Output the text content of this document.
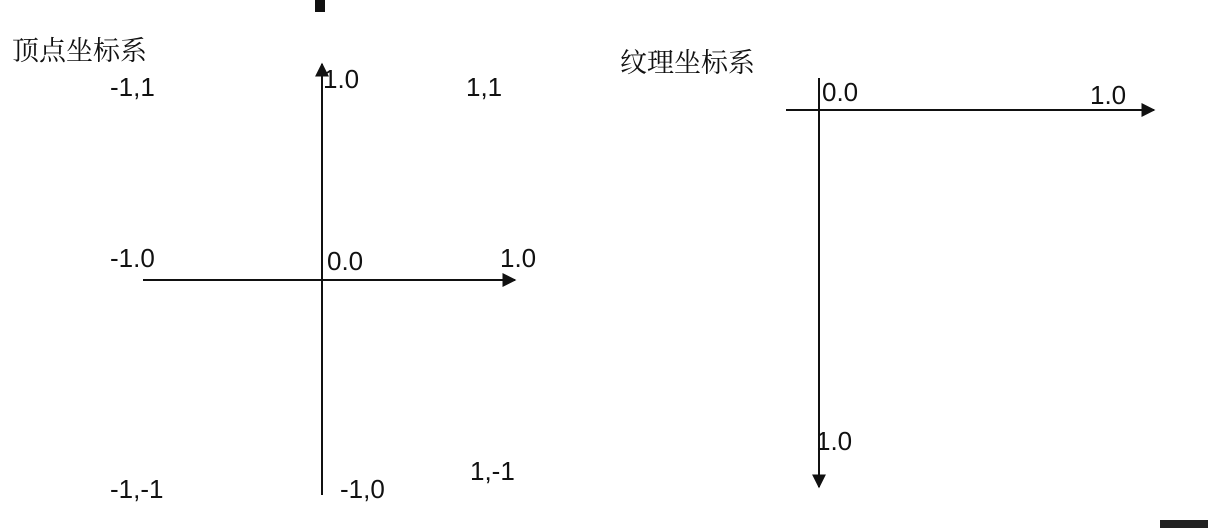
顶点坐标系
-1,1	1.0	1,1
-1.0	0.0	1.0
-1,-1	-1,0
1,-1
纹理坐标系
0.0	1.0
1.0
